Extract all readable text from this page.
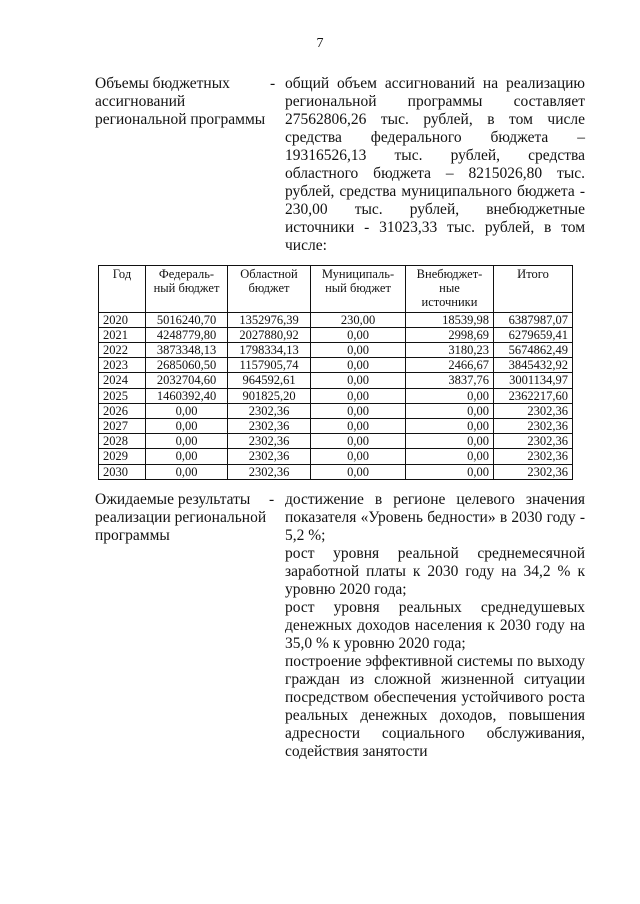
7
Объемы бюджетных ассигнований региональной программы
- общий объем ассигнований на реализацию региональной программы составляет 27562806,26 тыс. рублей, в том числе средства федерального бюджета – 19316526,13 тыс. рублей, средства областного бюджета – 8215026,80 тыс. рублей, средства муниципального бюджета - 230,00 тыс. рублей, внебюджетные источники - 31023,33 тыс. рублей, в том
числе:
Год	Федераль-ный бюджет	Областной бюджет	Муниципаль-ный бюджет	Внебюджет-ные источники	Итого
2020	5016240,70	1352976,39	230,00	18539,98	6387987,07
2021	4248779,80	2027880,92	0,00	2998,69	6279659,41
2022	3873348,13	1798334,13	0,00	3180,23	5674862,49
2023	2685060,50	1157905,74	0,00	2466,67	3845432,92
2024	2032704,60	964592,61	0,00	3837,76	3001134,97
2025	1460392,40	901825,20	0,00	0,00	2362217,60
2026	0,00	2302,36	0,00	0,00	2302,36
2027	0,00	2302,36	0,00	0,00	2302,36
2028	0,00	2302,36	0,00	0,00	2302,36
2029	0,00	2302,36	0,00	0,00	2302,36
2030	0,00	2302,36	0,00	0,00	2302,36
Ожидаемые результаты реализации региональной программы
- достижение в регионе целевого значения показателя «Уровень бедности» в 2030 году - 5,2 %;

рост уровня реальной среднемесячной заработной платы к 2030 году на 34,2 % к уровню 2020 года;

рост уровня реальных среднедушевых денежных доходов населения к 2030 году на 35,0 % к уровню 2020 года;

построение эффективной системы по выходу граждан из сложной жизненной ситуации посредством обеспечения устойчивого роста реальных денежных доходов, повышения адресности социального обслуживания, содействия занятости
